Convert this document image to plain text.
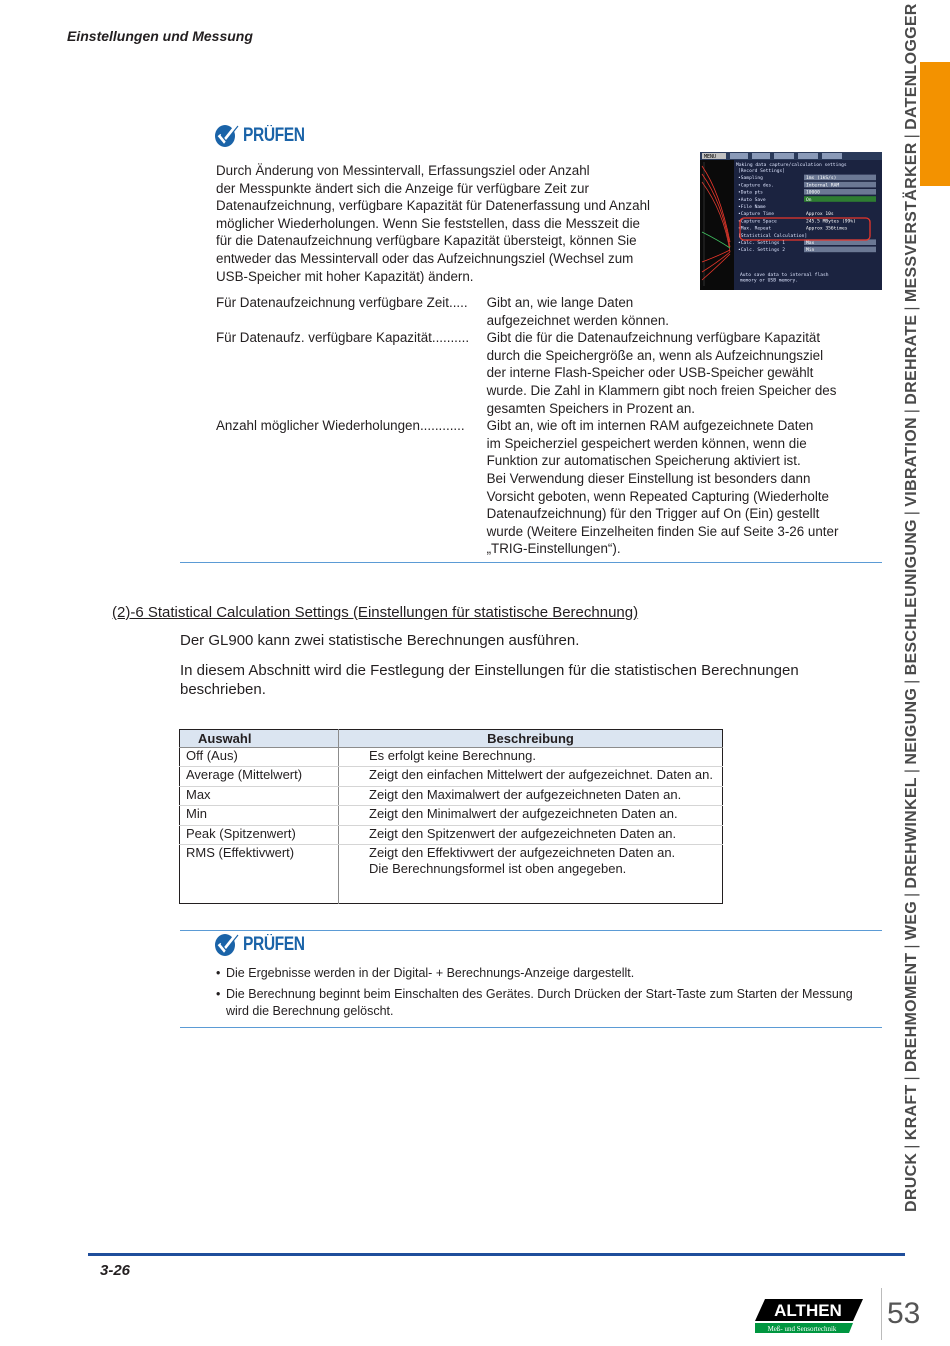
Einstellungen und Messung
PRÜFEN
Durch Änderung von Messintervall, Erfassungsziel oder Anzahl
der Messpunkte ändert sich die Anzeige für verfügbare Zeit zur
Datenaufzeichnung, verfügbare Kapazität für Datenerfassung und Anzahl
möglicher Wiederholungen. Wenn Sie feststellen, dass die Messzeit die
für die Datenaufzeichnung verfügbare Kapazität übersteigt, können Sie
entweder das Messintervall oder das Aufzeichnungsziel (Wechsel zum
USB-Speicher mit hoher Kapazität) ändern.
MENU
Making data capture/calculation settings
[Record Settings]
•Sampling	1ms (1kS/s)
•Capture des.	Internal RAM
•Data pts	10000
•Auto Save	On
•File Name
•Capture Time	Approx 10s
•Capture Space	245.5 MBytes (99%)
•Max. Repeat	Approx 356times
[Statistical Calculation]
•Calc. Settings 1	Max
•Calc. Settings 2	Min
Auto save data to internal flash memory or USB memory.
Für Datenaufzeichnung verfügbare Zeit.....	Gibt an, wie lange Daten
aufgezeichnet werden können.
Für Datenaufz. verfügbare Kapazität..........	Gibt die für die Datenaufzeichnung verfügbare Kapazität
durch die Speichergröße an, wenn als Aufzeichnungsziel
der interne Flash-Speicher oder USB-Speicher gewählt
wurde. Die Zahl in Klammern gibt noch freien Speicher des
gesamten Speichers in Prozent an.
Anzahl möglicher Wiederholungen............	Gibt an, wie oft im internen RAM aufgezeichnete Daten
im Speicherziel gespeichert werden können, wenn die
Funktion zur automatischen Speicherung aktiviert ist.
Bei Verwendung dieser Einstellung ist besonders dann
Vorsicht geboten, wenn Repeated Capturing (Wiederholte
Datenaufzeichnung) für den Trigger auf On (Ein) gestellt
wurde (Weitere Einzelheiten finden Sie auf Seite 3-26 unter
„TRIG-Einstellungen“).
(2)-6 Statistical Calculation Settings (Einstellungen für statistische Berechnung)
Der GL900 kann zwei statistische Berechnungen ausführen.
In diesem Abschnitt wird die Festlegung der Einstellungen für die statistischen Berechnungen beschrieben.
Auswahl	Beschreibung
Off (Aus)	Es erfolgt keine Berechnung.
Average (Mittelwert)	Zeigt den einfachen Mittelwert der aufgezeichnet. Daten an.
Max	Zeigt den Maximalwert der aufgezeichneten Daten an.
Min	Zeigt den Minimalwert der aufgezeichneten Daten an.
Peak (Spitzenwert)	Zeigt den Spitzenwert der aufgezeichneten Daten an.
RMS (Effektivwert)	Zeigt den Effektivwert der aufgezeichneten Daten an.
Die Berechnungsformel ist oben angegeben.
PRÜFEN
• Die Ergebnisse werden in der Digital- + Berechnungs-Anzeige dargestellt.
• Die Berechnung beginnt beim Einschalten des Gerätes. Durch Drücken der Start-Taste zum Starten der Messung wird die Berechnung gelöscht.
3-26
DRUCK
|
KRAFT
|
DREHMOMENT
|
WEG
|
DREHWINKEL
|
NEIGUNG
|
BESCHLEUNIGUNG
|
VIBRATION
|
DREHRATE
|
MESSVERSTÄRKER
|
DATENLOGGER
ALTHEN
Meß- und Sensortechnik 53
